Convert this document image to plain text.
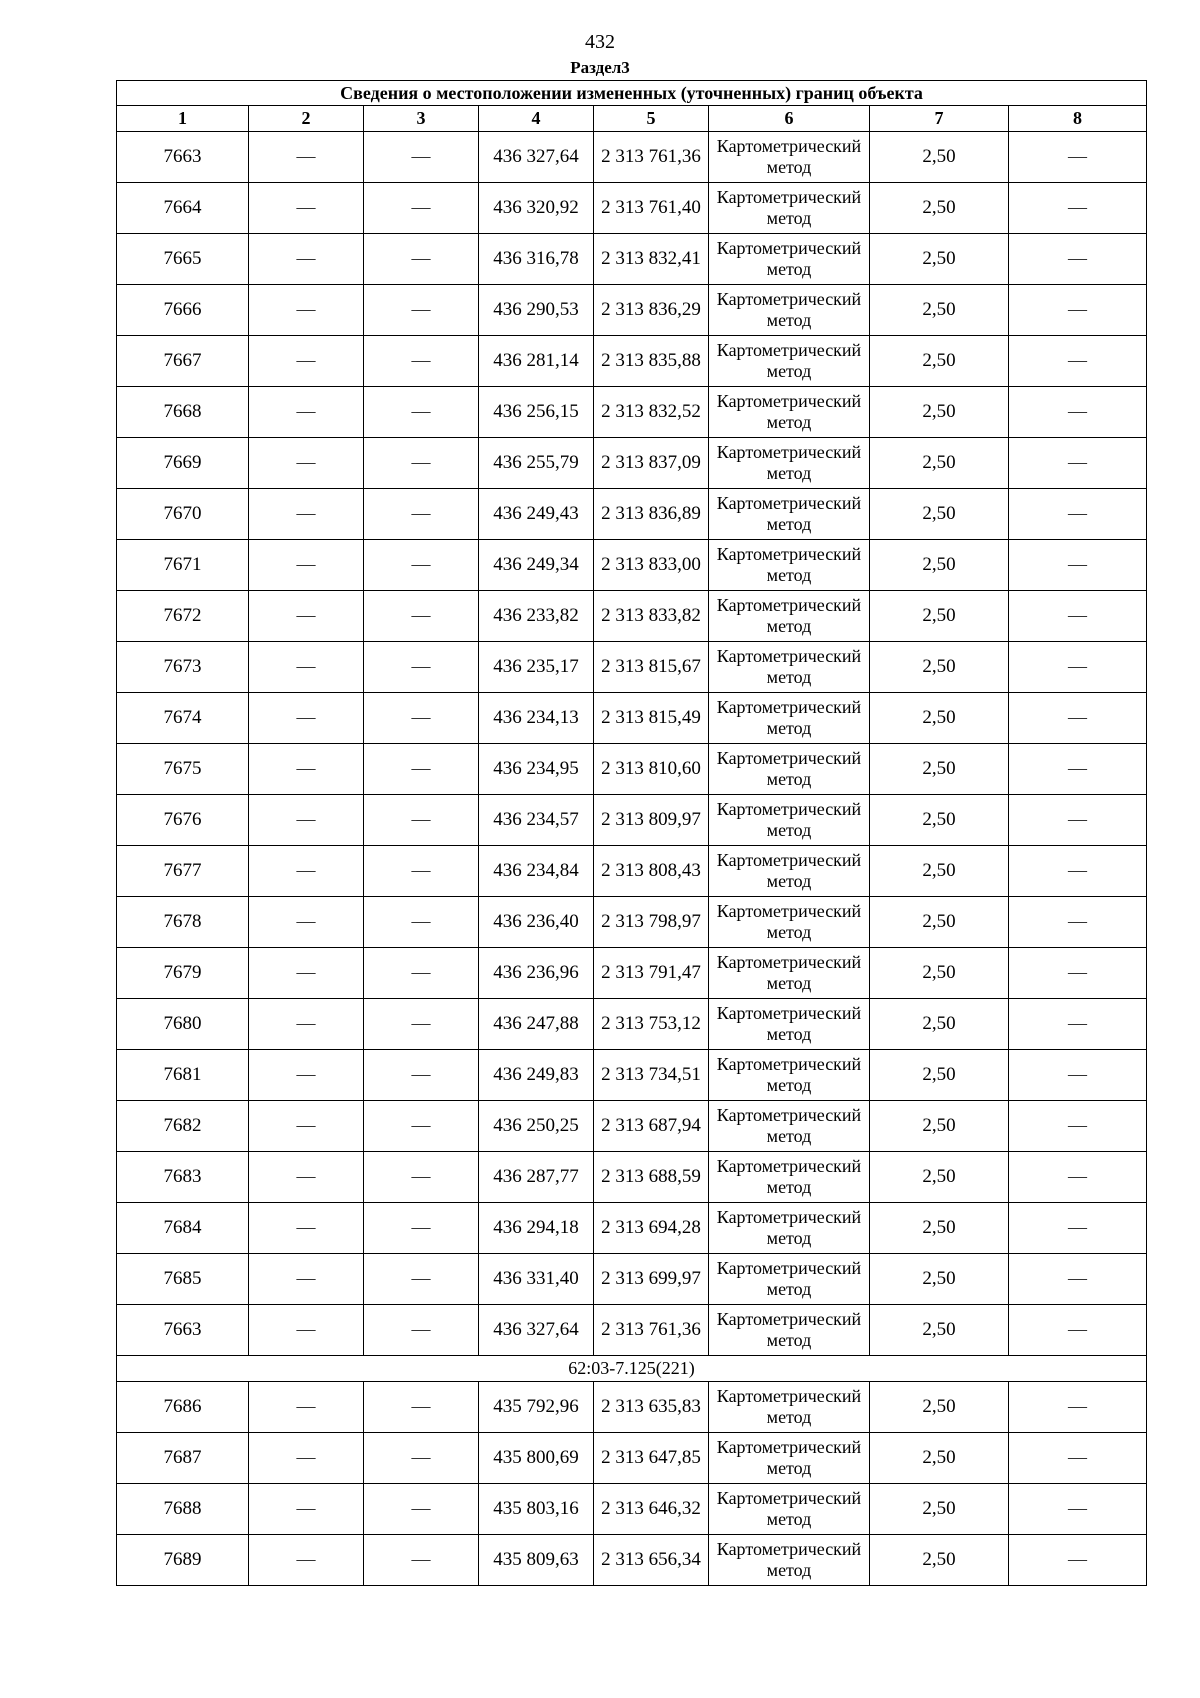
432
Раздел3
Сведения о местоположении измененных (уточненных) границ объекта							
1	2	3	4	5	6	7	8
7663	—	—	436 327,64	2 313 761,36	Картометрический метод	2,50	—
7664	—	—	436 320,92	2 313 761,40	Картометрический метод	2,50	—
7665	—	—	436 316,78	2 313 832,41	Картометрический метод	2,50	—
7666	—	—	436 290,53	2 313 836,29	Картометрический метод	2,50	—
7667	—	—	436 281,14	2 313 835,88	Картометрический метод	2,50	—
7668	—	—	436 256,15	2 313 832,52	Картометрический метод	2,50	—
7669	—	—	436 255,79	2 313 837,09	Картометрический метод	2,50	—
7670	—	—	436 249,43	2 313 836,89	Картометрический метод	2,50	—
7671	—	—	436 249,34	2 313 833,00	Картометрический метод	2,50	—
7672	—	—	436 233,82	2 313 833,82	Картометрический метод	2,50	—
7673	—	—	436 235,17	2 313 815,67	Картометрический метод	2,50	—
7674	—	—	436 234,13	2 313 815,49	Картометрический метод	2,50	—
7675	—	—	436 234,95	2 313 810,60	Картометрический метод	2,50	—
7676	—	—	436 234,57	2 313 809,97	Картометрический метод	2,50	—
7677	—	—	436 234,84	2 313 808,43	Картометрический метод	2,50	—
7678	—	—	436 236,40	2 313 798,97	Картометрический метод	2,50	—
7679	—	—	436 236,96	2 313 791,47	Картометрический метод	2,50	—
7680	—	—	436 247,88	2 313 753,12	Картометрический метод	2,50	—
7681	—	—	436 249,83	2 313 734,51	Картометрический метод	2,50	—
7682	—	—	436 250,25	2 313 687,94	Картометрический метод	2,50	—
7683	—	—	436 287,77	2 313 688,59	Картометрический метод	2,50	—
7684	—	—	436 294,18	2 313 694,28	Картометрический метод	2,50	—
7685	—	—	436 331,40	2 313 699,97	Картометрический метод	2,50	—
7663	—	—	436 327,64	2 313 761,36	Картометрический метод	2,50	—
62:03-7.125(221)							
7686	—	—	435 792,96	2 313 635,83	Картометрический метод	2,50	—
7687	—	—	435 800,69	2 313 647,85	Картометрический метод	2,50	—
7688	—	—	435 803,16	2 313 646,32	Картометрический метод	2,50	—
7689	—	—	435 809,63	2 313 656,34	Картометрический метод	2,50	—
